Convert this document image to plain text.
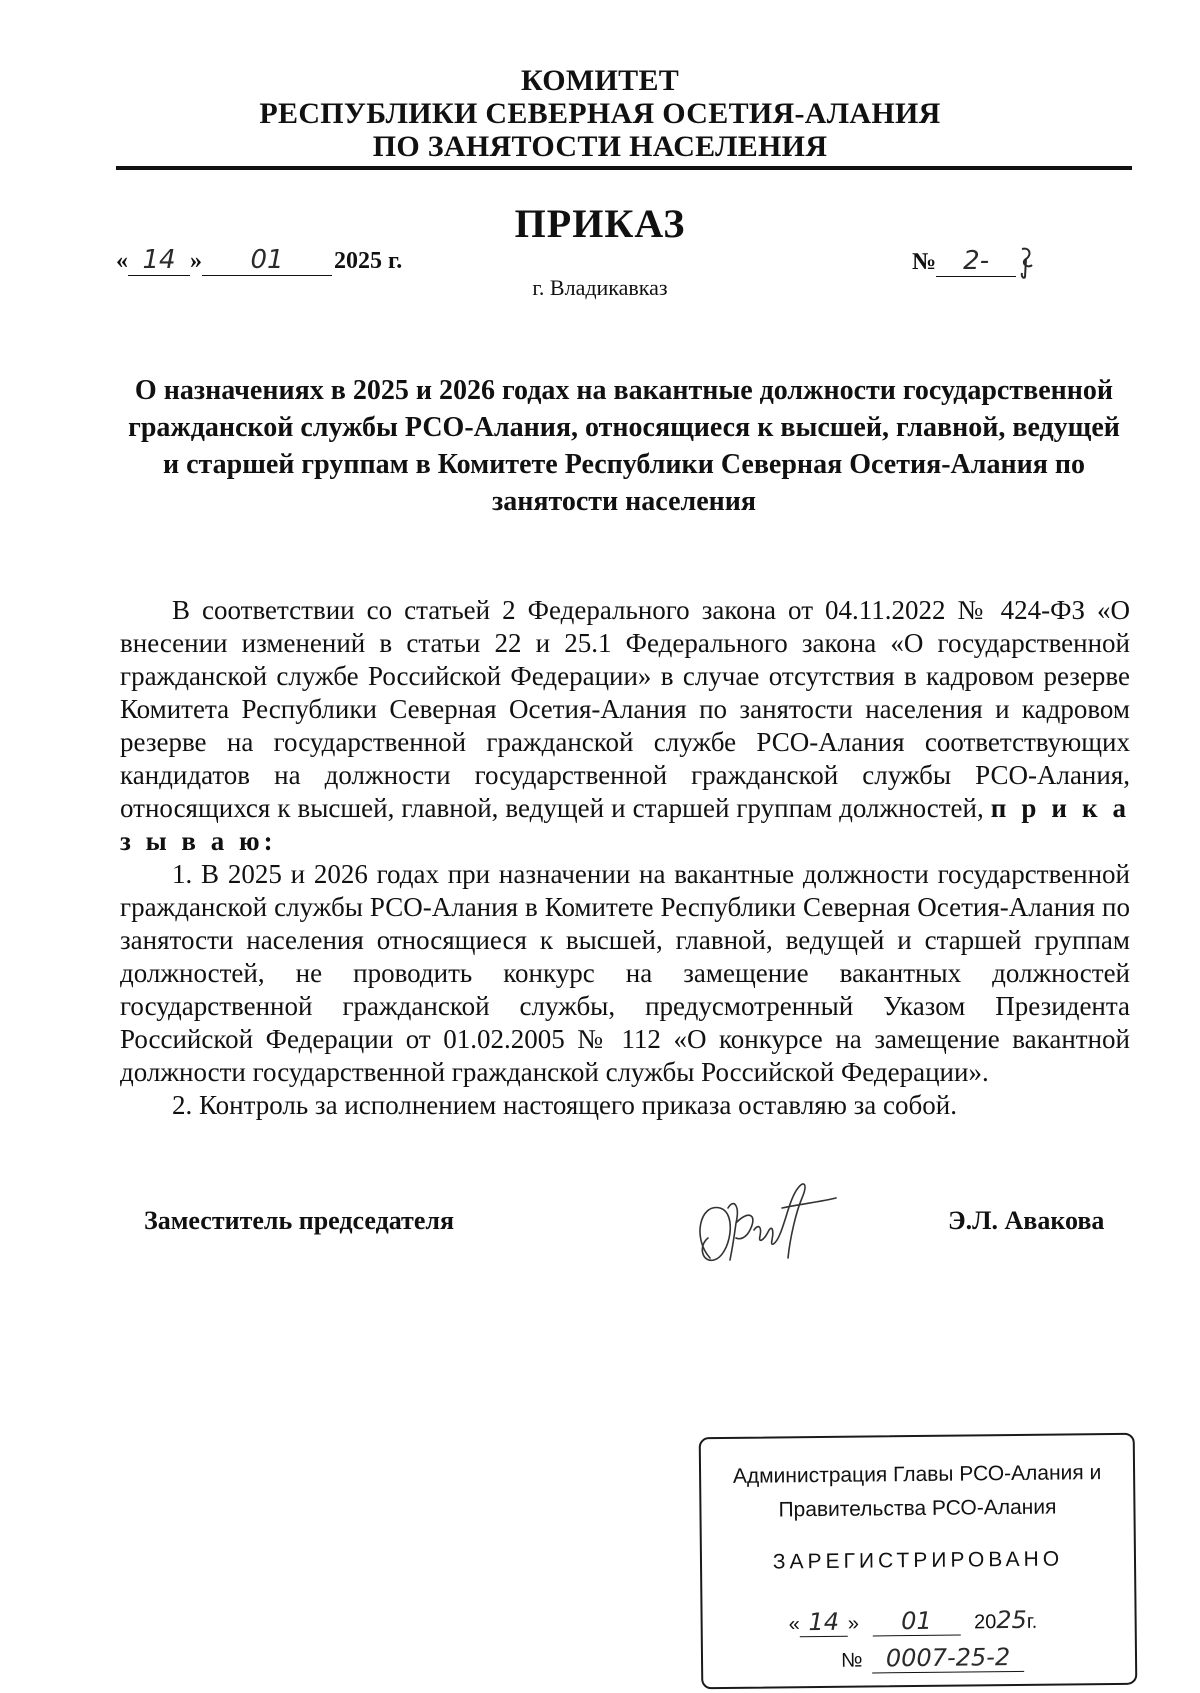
КОМИТЕТ
РЕСПУБЛИКИ СЕВЕРНАЯ ОСЕТИЯ-АЛАНИЯ
ПО ЗАНЯТОСТИ НАСЕЛЕНИЯ
ПРИКАЗ
« 14 » 01 2025 г.	№ 2-
г. Владикавказ
О назначениях в 2025 и 2026 годах на вакантные должности государственной
гражданской службы РСО-Алания, относящиеся к высшей, главной, ведущей
и старшей группам в Комитете Республики Северная Осетия-Алания по
занятости населения

В соответствии со статьей 2 Федерального закона от 04.11.2022 № 424-ФЗ «О внесении изменений в статьи 22 и 25.1 Федерального закона «О государственной гражданской службе Российской Федерации» в случае отсутствия в кадровом резерве Комитета Республики Северная Осетия-Алания по занятости населения и кадровом резерве на государственной гражданской службе РСО-Алания соответствующих кандидатов на должности государственной гражданской службы РСО-Алания, относящихся к высшей, главной, ведущей и старшей группам должностей, п р и к а з ы в а ю:

1. В 2025 и 2026 годах при назначении на вакантные должности государственной гражданской службы РСО-Алания в Комитете Республики Северная Осетия-Алания по занятости населения относящиеся к высшей, главной, ведущей и старшей группам должностей, не проводить конкурс на замещение вакантных должностей государственной гражданской службы, предусмотренный Указом Президента Российской Федерации от 01.02.2005 № 112 «О конкурсе на замещение вакантной должности государственной гражданской службы Российской Федерации».

2. Контроль за исполнением настоящего приказа оставляю за собой.

Заместитель председателя	Э.Л. Авакова
Администрация Главы РСО-Алания и
Правительства РСО-Алания
ЗАРЕГИСТРИРОВАНО
« 14 » 01 2025г.
№ 0007-25-2
